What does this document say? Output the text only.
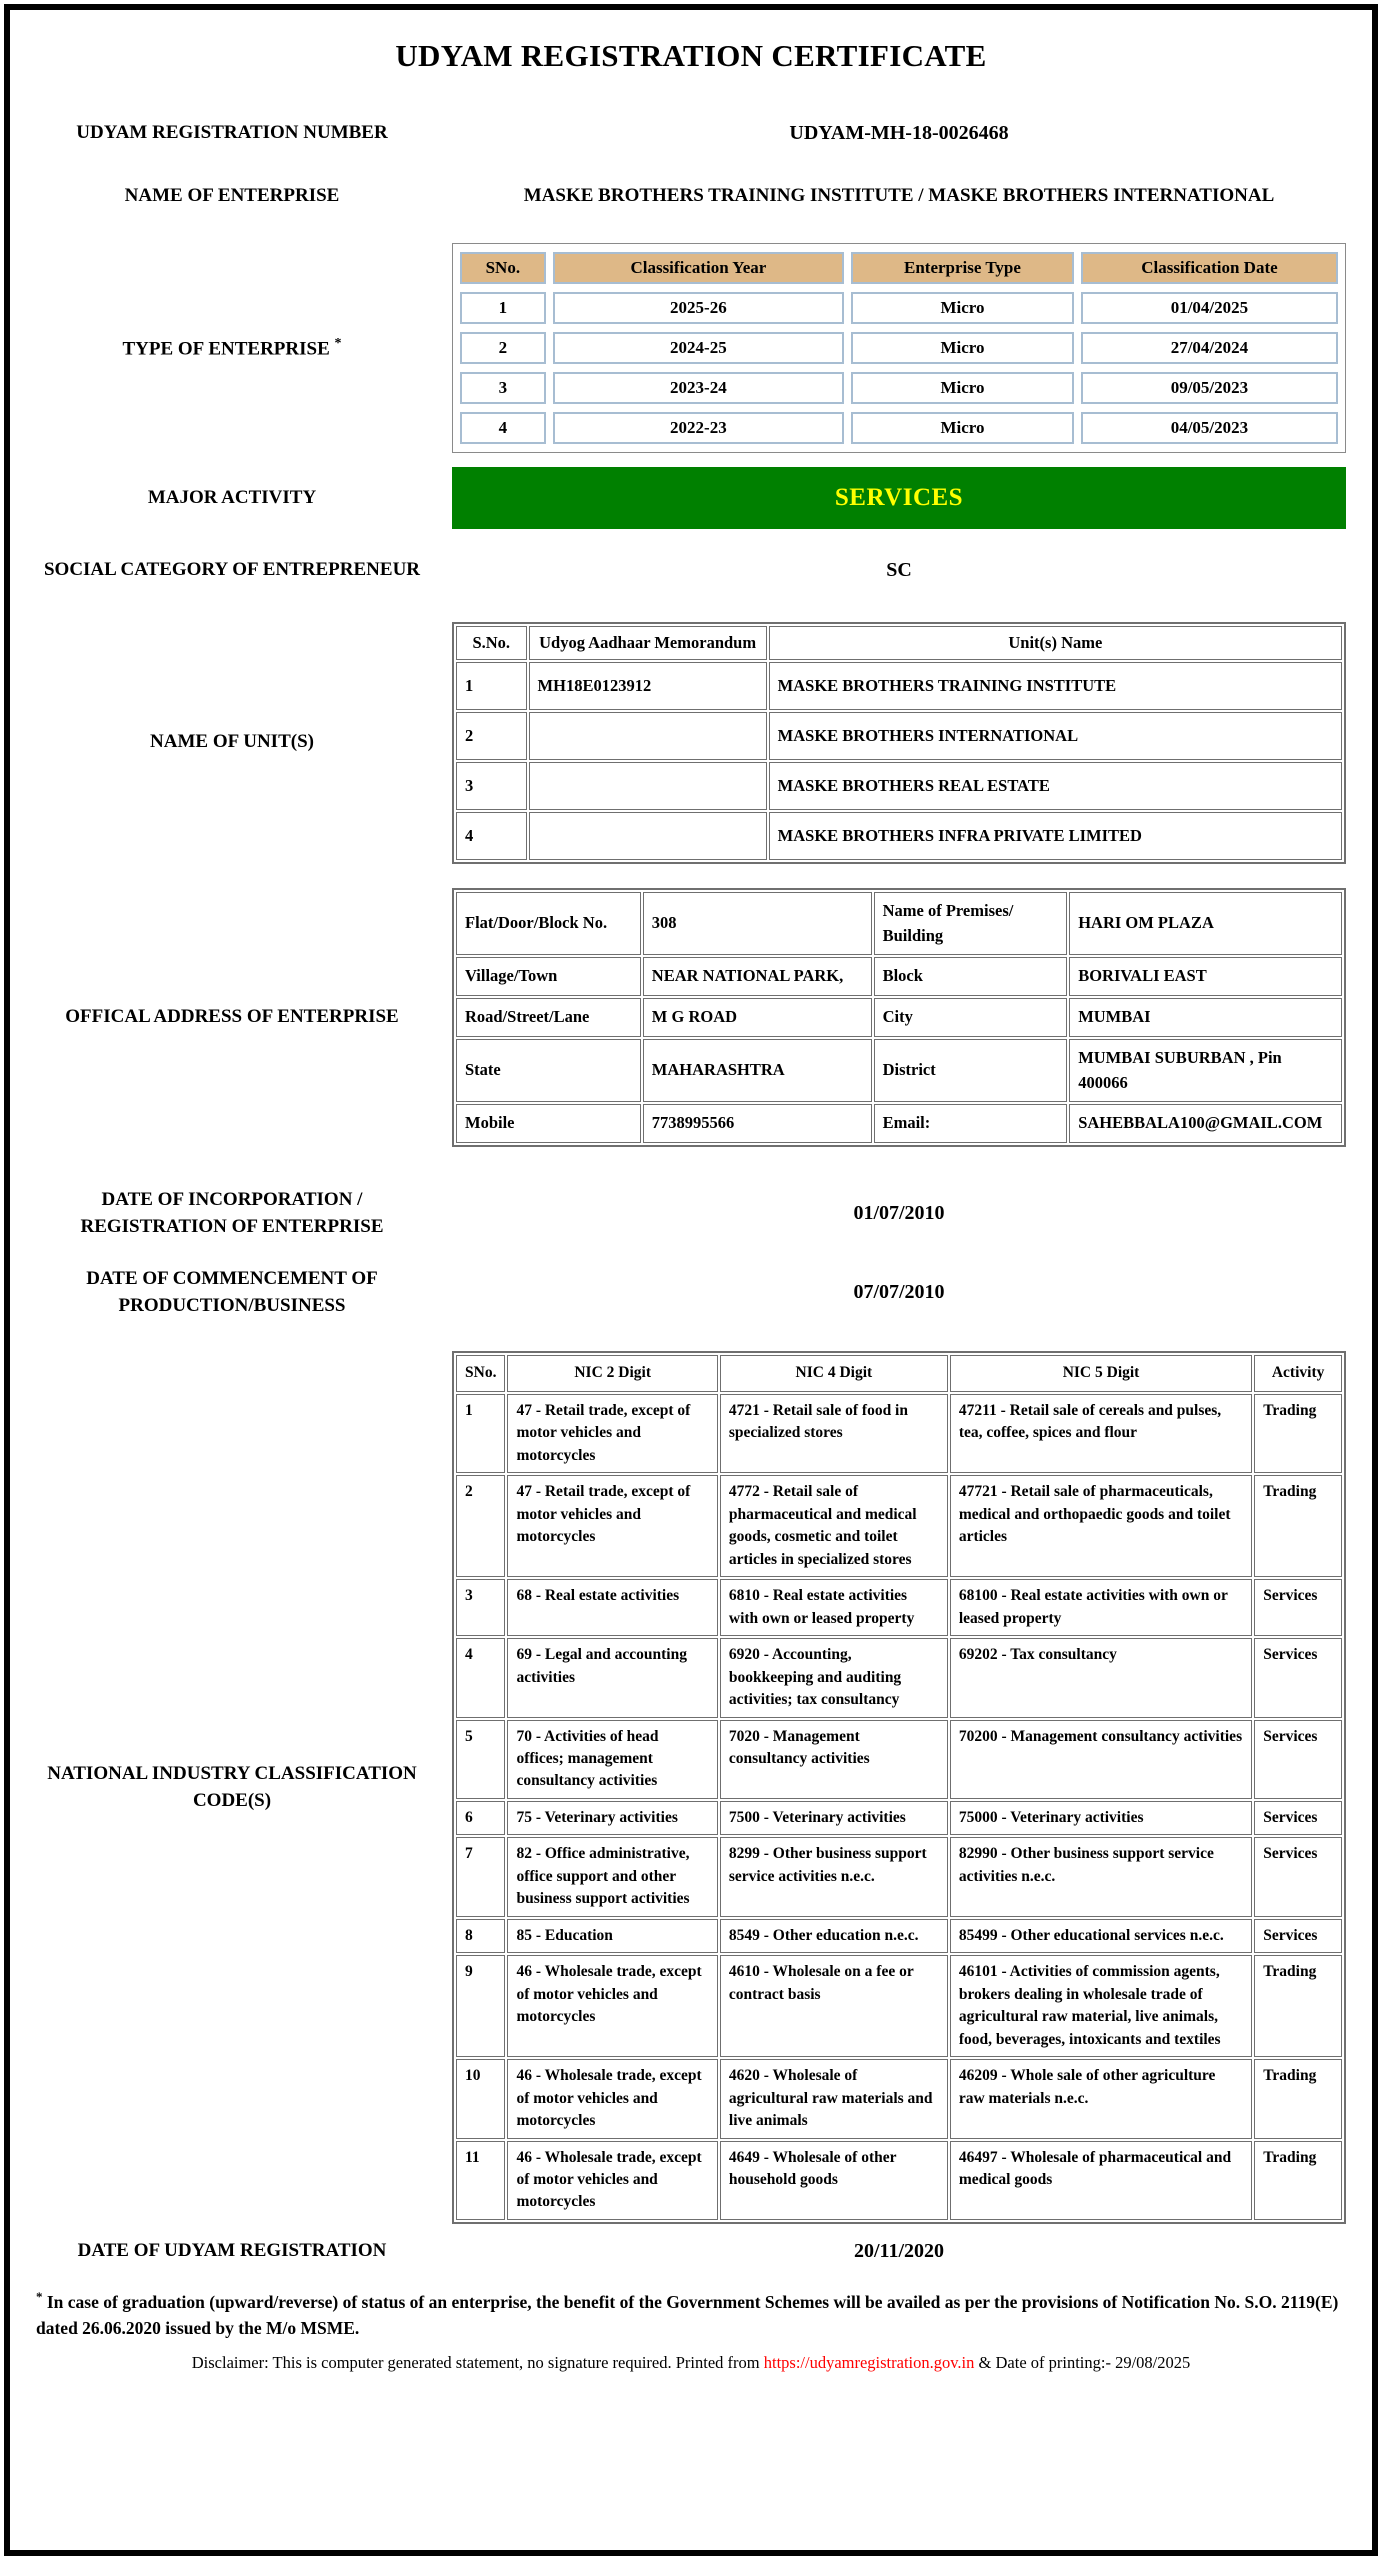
UDYAM REGISTRATION CERTIFICATE
UDYAM REGISTRATION NUMBER	UDYAM-MH-18-0026468
NAME OF ENTERPRISE	MASKE BROTHERS TRAINING INSTITUTE / MASKE BROTHERS INTERNATIONAL
TYPE OF ENTERPRISE *
SNo.	Classification Year	Enterprise Type	Classification Date
1	2025-26	Micro	01/04/2025
2	2024-25	Micro	27/04/2024
3	2023-24	Micro	09/05/2023
4	2022-23	Micro	04/05/2023
MAJOR ACTIVITY	SERVICES
SOCIAL CATEGORY OF ENTREPRENEUR	SC
NAME OF UNIT(S)
S.No.	Udyog Aadhaar Memorandum	Unit(s) Name
1	MH18E0123912	MASKE BROTHERS TRAINING INSTITUTE
2		MASKE BROTHERS INTERNATIONAL
3		MASKE BROTHERS REAL ESTATE
4		MASKE BROTHERS INFRA PRIVATE LIMITED
OFFICAL ADDRESS OF ENTERPRISE
Flat/Door/Block No.	308	Name of Premises/ Building	HARI OM PLAZA
Village/Town	NEAR NATIONAL PARK,	Block	BORIVALI EAST
Road/Street/Lane	M G ROAD	City	MUMBAI
State	MAHARASHTRA	District	MUMBAI SUBURBAN , Pin 400066
Mobile	7738995566	Email:	SAHEBBALA100@GMAIL.COM
DATE OF INCORPORATION / REGISTRATION OF ENTERPRISE
01/07/2010
DATE OF COMMENCEMENT OF PRODUCTION/BUSINESS
07/07/2010
NATIONAL INDUSTRY CLASSIFICATION CODE(S)
SNo.	NIC 2 Digit	NIC 4 Digit	NIC 5 Digit	Activity
1	47 - Retail trade, except of motor vehicles and motorcycles	4721 - Retail sale of food in specialized stores	47211 - Retail sale of cereals and pulses, tea, coffee, spices and flour	Trading
2	47 - Retail trade, except of motor vehicles and motorcycles	4772 - Retail sale of pharmaceutical and medical goods, cosmetic and toilet articles in specialized stores	47721 - Retail sale of pharmaceuticals, medical and orthopaedic goods and toilet articles	Trading
3	68 - Real estate activities	6810 - Real estate activities with own or leased property	68100 - Real estate activities with own or leased property	Services
4	69 - Legal and accounting activities	6920 - Accounting, bookkeeping and auditing activities; tax consultancy	69202 - Tax consultancy	Services
5	70 - Activities of head offices; management consultancy activities	7020 - Management consultancy activities	70200 - Management consultancy activities	Services
6	75 - Veterinary activities	7500 - Veterinary activities	75000 - Veterinary activities	Services
7	82 - Office administrative, office support and other business support activities	8299 - Other business support service activities n.e.c.	82990 - Other business support service activities n.e.c.	Services
8	85 - Education	8549 - Other education n.e.c.	85499 - Other educational services n.e.c.	Services
9	46 - Wholesale trade, except of motor vehicles and motorcycles	4610 - Wholesale on a fee or contract basis	46101 - Activities of commission agents, brokers dealing in wholesale trade of agricultural raw material, live animals, food, beverages, intoxicants and textiles	Trading
10	46 - Wholesale trade, except of motor vehicles and motorcycles	4620 - Wholesale of agricultural raw materials and live animals	46209 - Whole sale of other agriculture raw materials n.e.c.	Trading
11	46 - Wholesale trade, except of motor vehicles and motorcycles	4649 - Wholesale of other household goods	46497 - Wholesale of pharmaceutical and medical goods	Trading
DATE OF UDYAM REGISTRATION	20/11/2020
* In case of graduation (upward/reverse) of status of an enterprise, the benefit of the Government Schemes will be availed as per the provisions of Notification No. S.O. 2119(E) dated 26.06.2020 issued by the M/o MSME.
Disclaimer: This is computer generated statement, no signature required. Printed from https://udyamregistration.gov.in & Date of printing:- 29/08/2025
